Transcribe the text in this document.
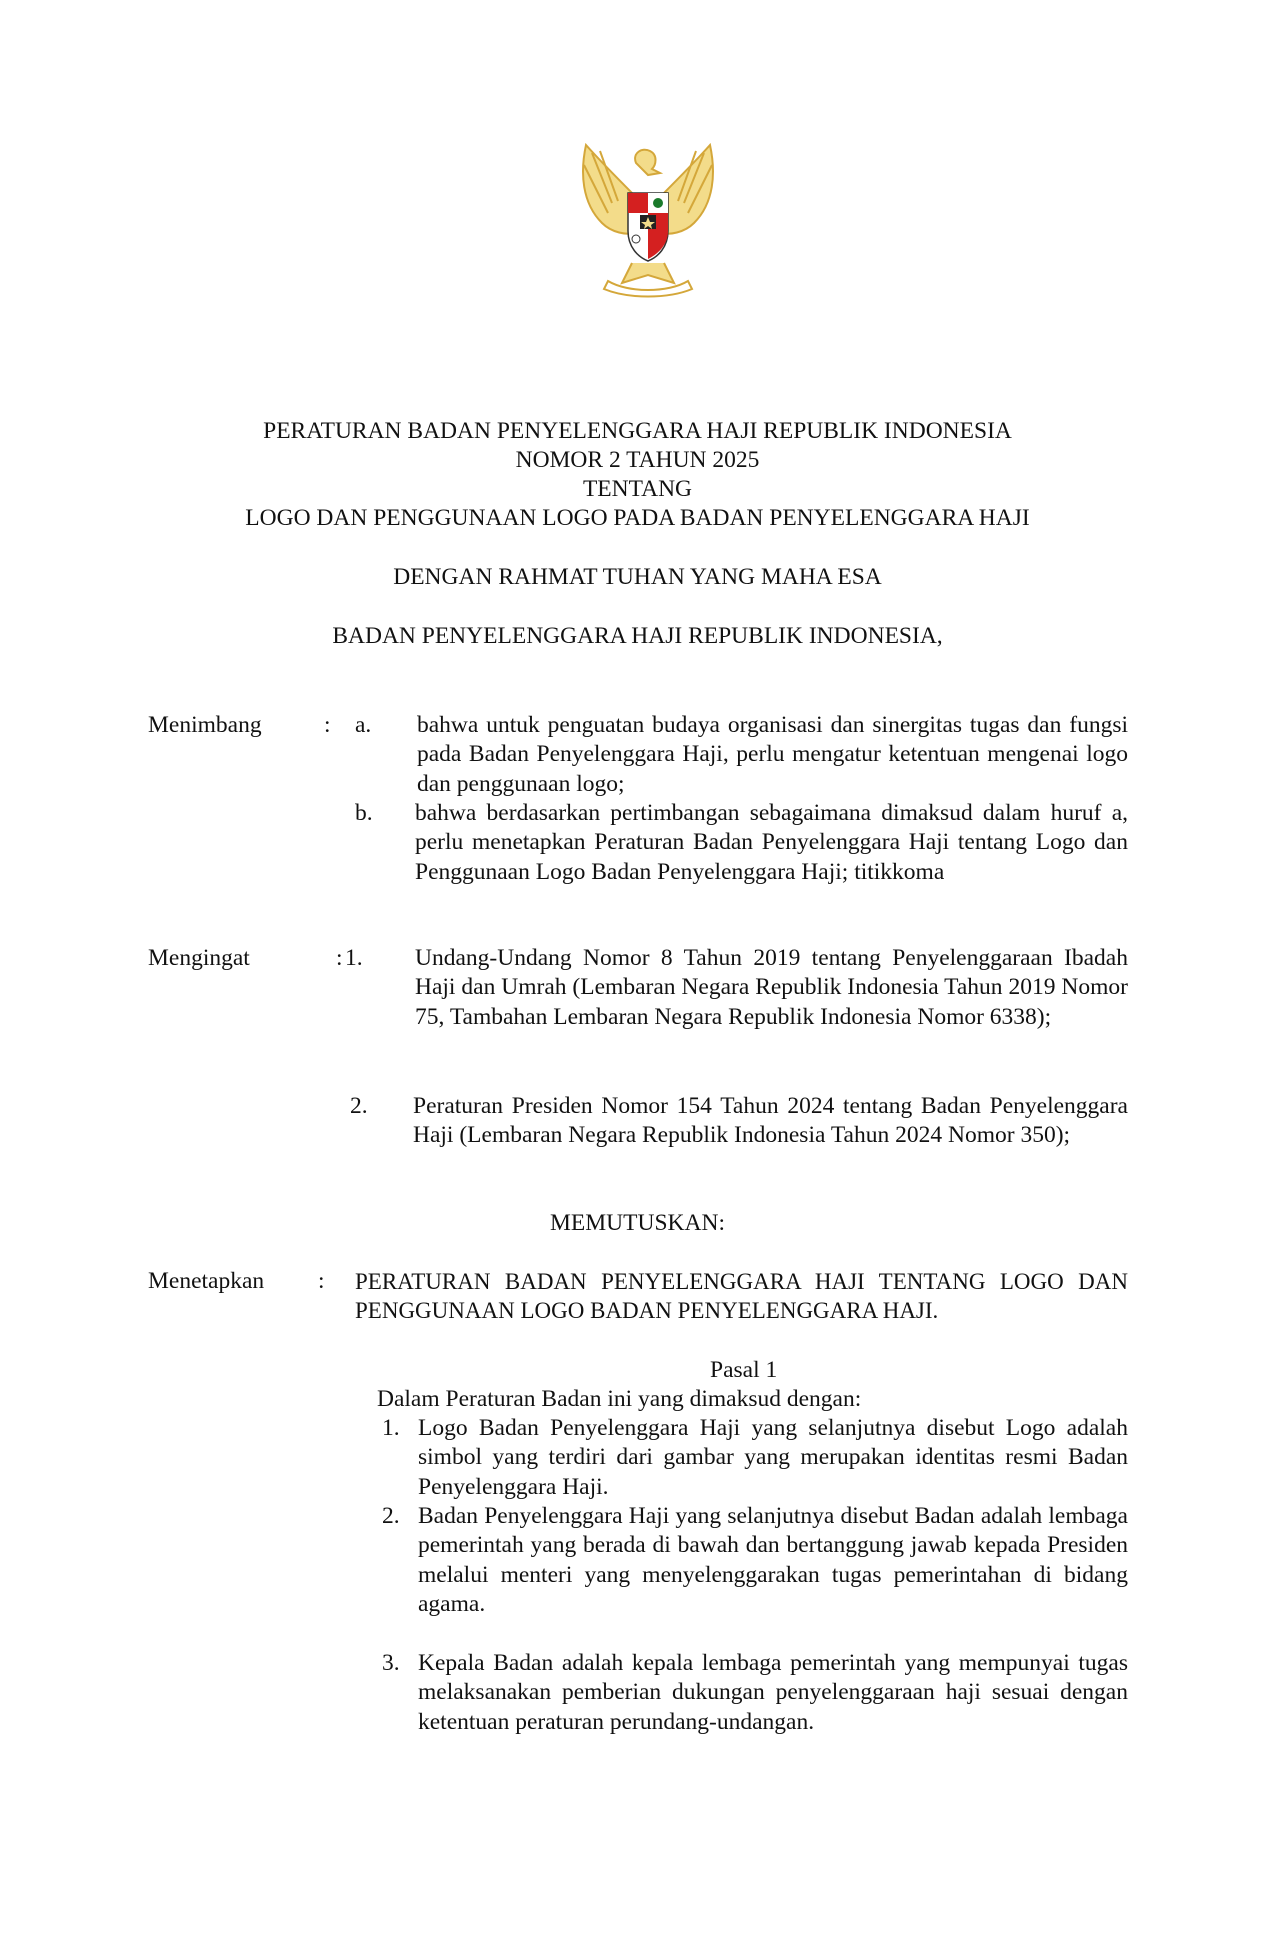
PERATURAN BADAN PENYELENGGARA HAJI REPUBLIK INDONESIA
NOMOR 2 TAHUN 2025
TENTANG
LOGO DAN PENGGUNAAN LOGO PADA BADAN PENYELENGGARA HAJI
DENGAN RAHMAT TUHAN YANG MAHA ESA
BADAN PENYELENGGARA HAJI REPUBLIK INDONESIA,
Menimbang	: a. bahwa untuk penguatan budaya organisasi dan sinergitas tugas dan fungsi pada Badan Penyelenggara Haji, perlu mengatur ketentuan mengenai logo dan penggunaan logo;
b. bahwa berdasarkan pertimbangan sebagaimana dimaksud dalam huruf a, perlu menetapkan Peraturan Badan Penyelenggara Haji tentang Logo dan Penggunaan Logo Badan Penyelenggara Haji; titikkoma
Mengingat	: 1. Undang-Undang Nomor 8 Tahun 2019 tentang Penyelenggaraan Ibadah Haji dan Umrah (Lembaran Negara Republik Indonesia Tahun 2019 Nomor 75, Tambahan Lembaran Negara Republik Indonesia Nomor 6338);
2. Peraturan Presiden Nomor 154 Tahun 2024 tentang Badan Penyelenggara Haji (Lembaran Negara Republik Indonesia Tahun 2024 Nomor 350);
MEMUTUSKAN:
Menetapkan : PERATURAN BADAN PENYELENGGARA HAJI TENTANG LOGO DAN PENGGUNAAN LOGO BADAN PENYELENGGARA HAJI.
Pasal 1
Dalam Peraturan Badan ini yang dimaksud dengan:
1. Logo Badan Penyelenggara Haji yang selanjutnya disebut Logo adalah simbol yang terdiri dari gambar yang merupakan identitas resmi Badan Penyelenggara Haji.
2. Badan Penyelenggara Haji yang selanjutnya disebut Badan adalah lembaga pemerintah yang berada di bawah dan bertanggung jawab kepada Presiden melalui menteri yang menyelenggarakan tugas pemerintahan di bidang agama.
3. Kepala Badan adalah kepala lembaga pemerintah yang mempunyai tugas melaksanakan pemberian dukungan penyelenggaraan haji sesuai dengan ketentuan peraturan perundang-undangan.
